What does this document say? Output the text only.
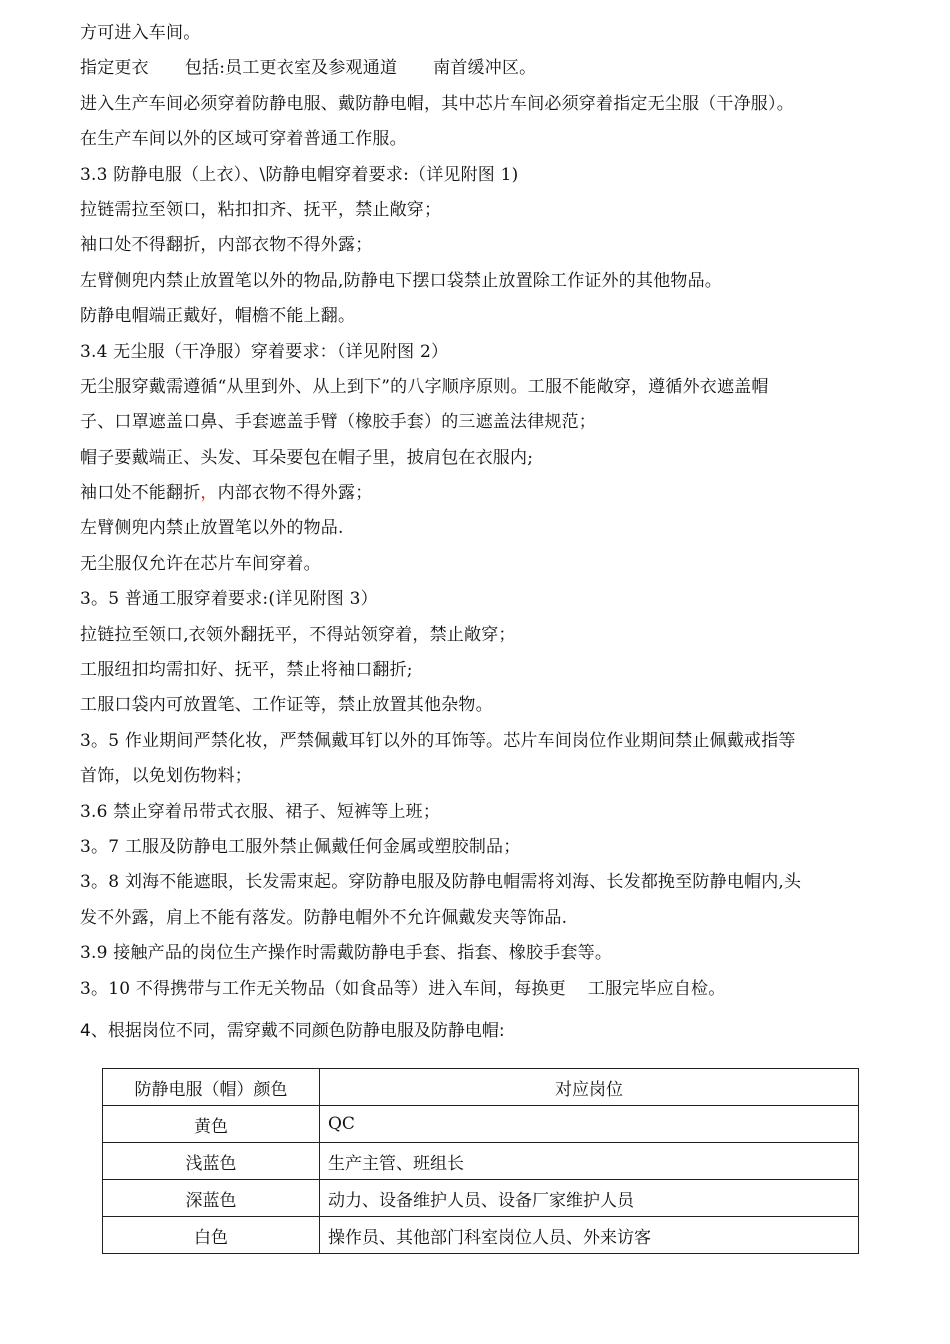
方可进入车间。
指定更衣 包括:员工更衣室及参观通道 南首缓冲区。
进入生产车间必须穿着防静电服、戴防静电帽，其中芯片车间必须穿着指定无尘服（干净服）。
在生产车间以外的区域可穿着普通工作服。
3.3 防静电服（上衣）、\防静电帽穿着要求:（详见附图 1)
拉链需拉至领口，粘扣扣齐、抚平，禁止敞穿；
袖口处不得翻折，内部衣物不得外露；
左臂侧兜内禁止放置笔以外的物品,防静电下摆口袋禁止放置除工作证外的其他物品。
防静电帽端正戴好，帽檐不能上翻。
3.4 无尘服（干净服）穿着要求：（详见附图 2）
无尘服穿戴需遵循“从里到外、从上到下”的八字顺序原则。工服不能敞穿，遵循外衣遮盖帽
子、口罩遮盖口鼻、手套遮盖手臂（橡胶手套）的三遮盖法律规范；
帽子要戴端正、头发、耳朵要包在帽子里，披肩包在衣服内;
袖口处不能翻折，内部衣物不得外露；
左臂侧兜内禁止放置笔以外的物品.
无尘服仅允许在芯片车间穿着。
3。5 普通工服穿着要求:(详见附图 3）
拉链拉至领口,衣领外翻抚平，不得站领穿着，禁止敞穿；
工服纽扣均需扣好、抚平，禁止将袖口翻折;
工服口袋内可放置笔、工作证等，禁止放置其他杂物。
3。5 作业期间严禁化妆，严禁佩戴耳钉以外的耳饰等。芯片车间岗位作业期间禁止佩戴戒指等
首饰，以免划伤物料；
3.6 禁止穿着吊带式衣服、裙子、短裤等上班；
3。7 工服及防静电工服外禁止佩戴任何金属或塑胶制品；
3。8 刘海不能遮眼，长发需束起。穿防静电服及防静电帽需将刘海、长发都挽至防静电帽内,头
发不外露，肩上不能有落发。防静电帽外不允许佩戴发夹等饰品.
3.9 接触产品的岗位生产操作时需戴防静电手套、指套、橡胶手套等。
3。10 不得携带与工作无关物品（如食品等）进入车间，每换更 工服完毕应自检。
4、根据岗位不同，需穿戴不同颜色防静电服及防静电帽:
防静电服（帽）颜色	对应岗位
黄色	QC
浅蓝色	生产主管、班组长
深蓝色	动力、设备维护人员、设备厂家维护人员
白色	操作员、其他部门科室岗位人员、外来访客
